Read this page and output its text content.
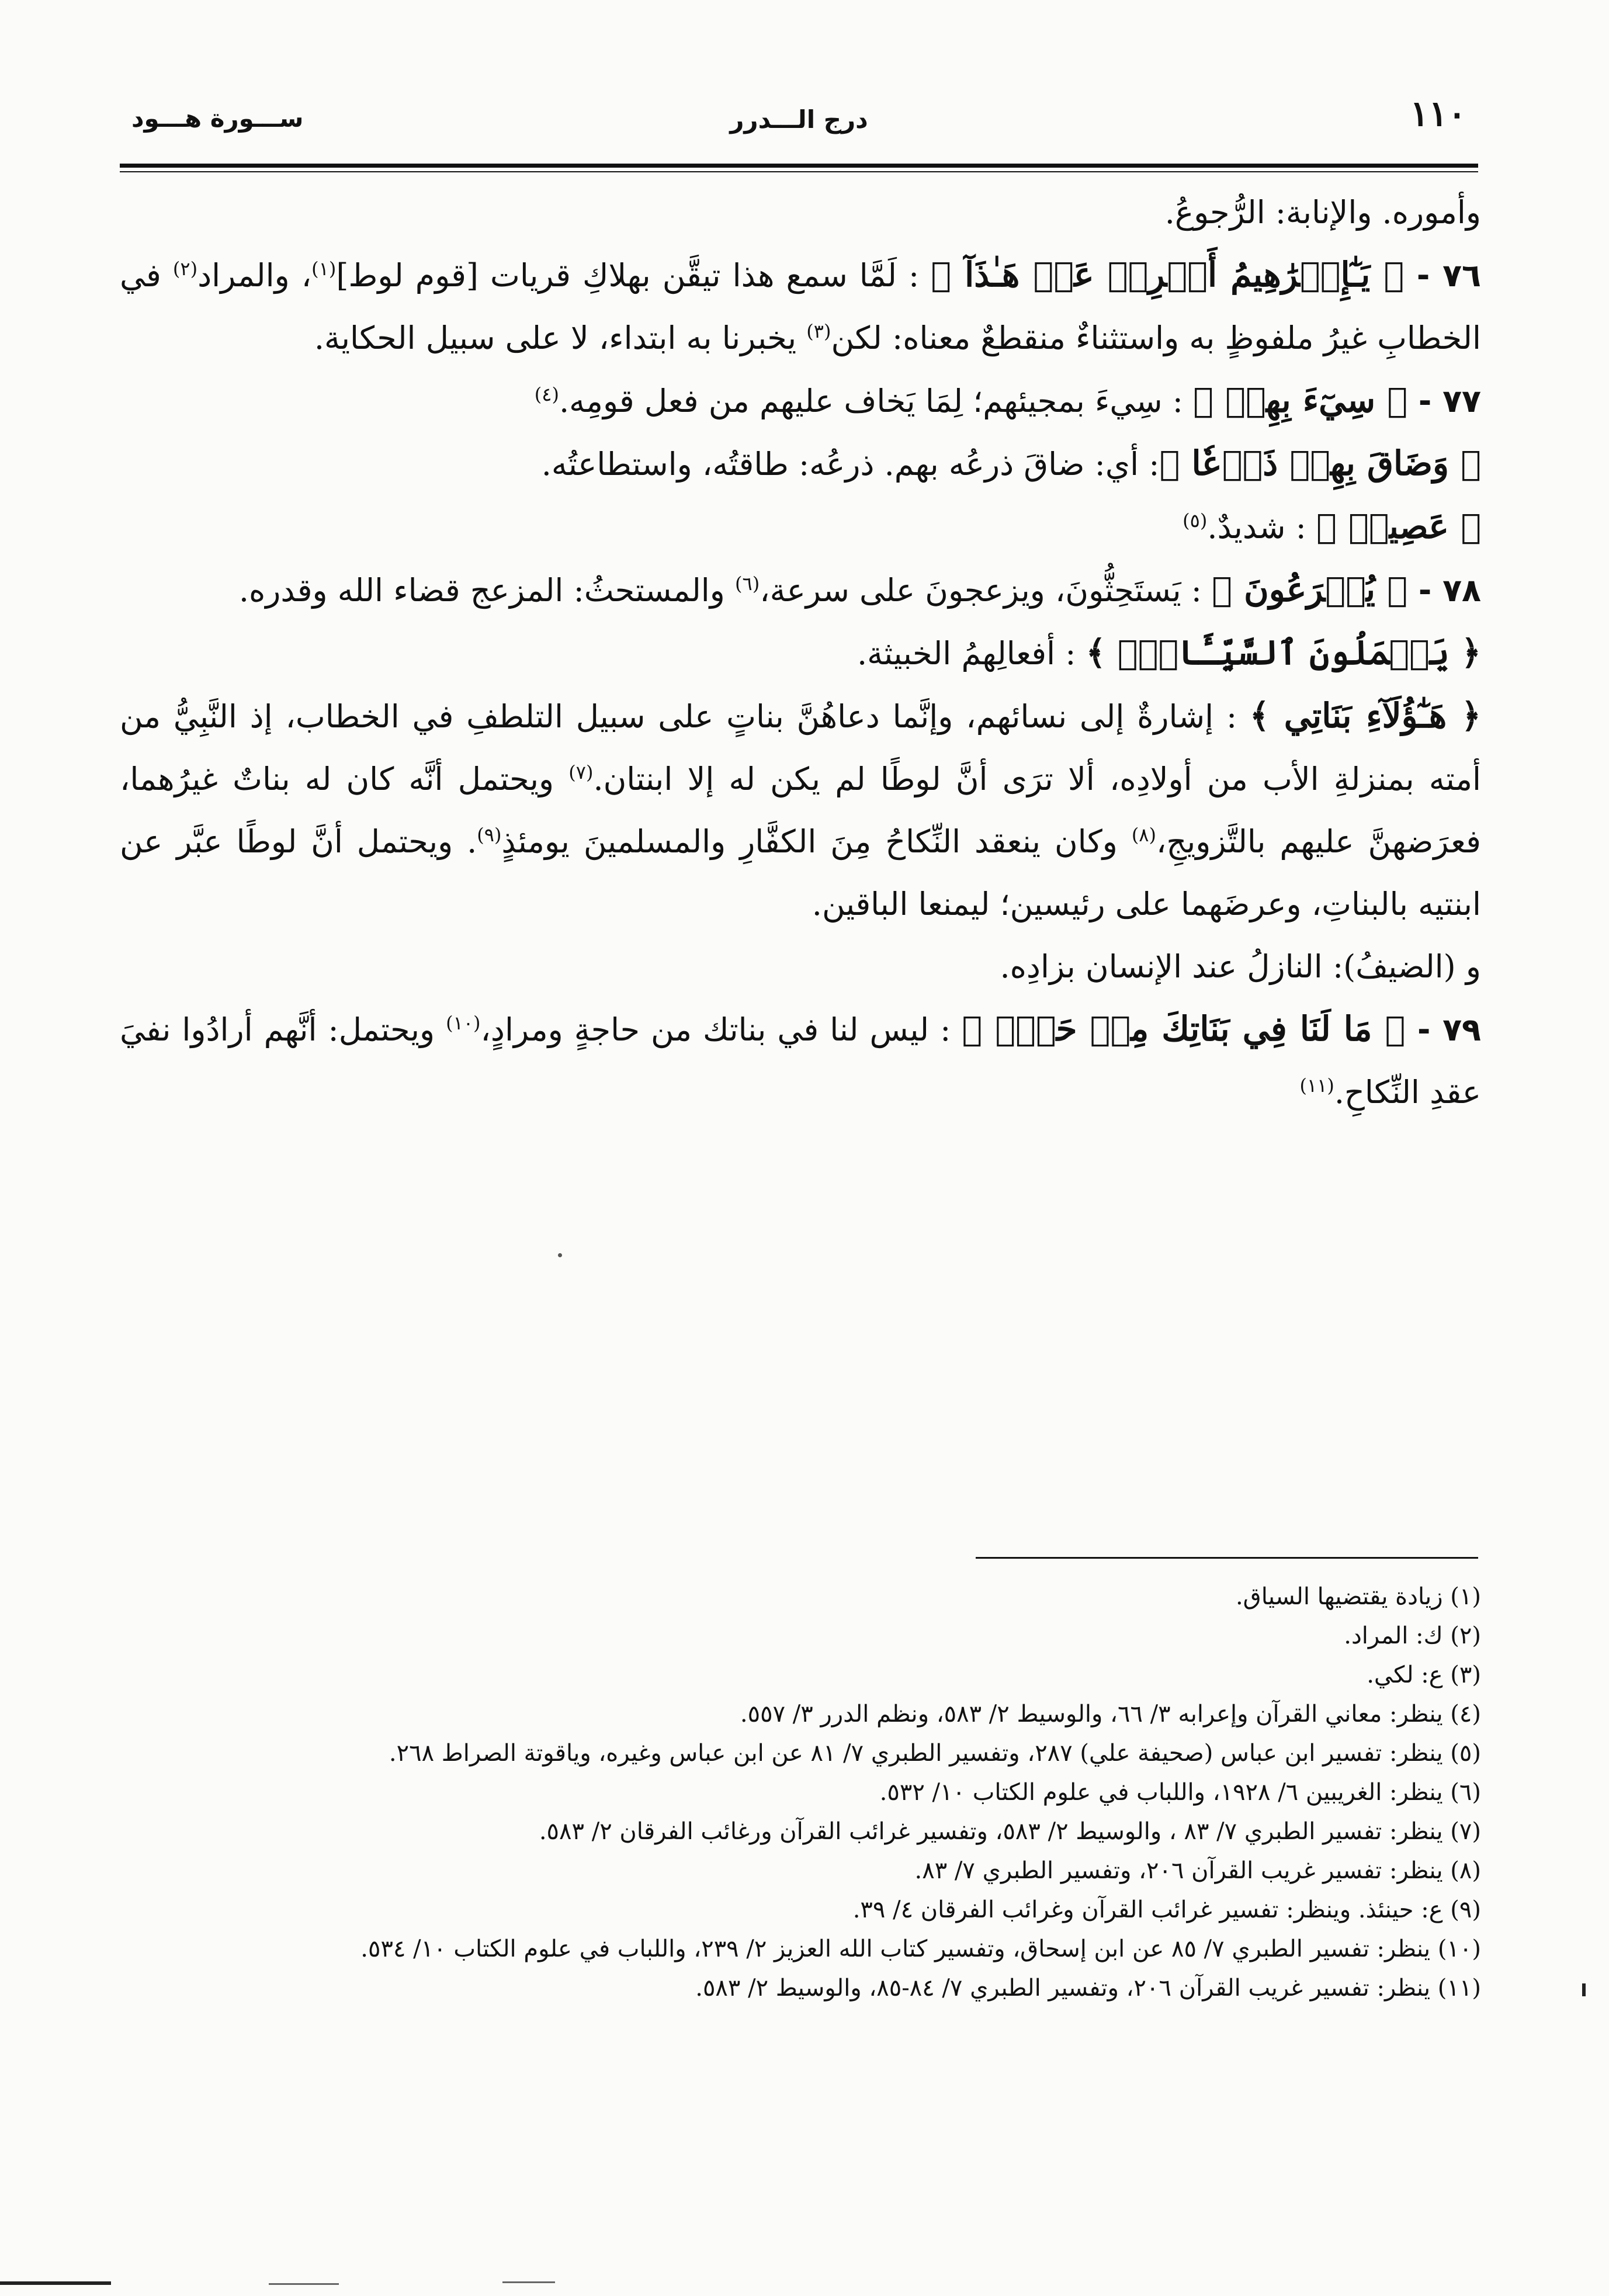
١١٠
درج الـــدرر
ســـورة هـــود

وأموره. والإنابة: الرُّجوعُ.

٧٦ - ﴿ يَـٰٓإِبۡرَٰهِيمُ أَعۡرِضۡ عَنۡ هَـٰذَآ ﴾ : لَمَّا سمع هذا تيقَّن بهلاكِ قريات [قوم لوط]$^{(١)}$، والمراد$^{(٢)}$ في الخطابِ غيرُ ملفوظٍ به واستثناءٌ منقطعٌ معناه: لكن$^{(٣)}$ يخبرنا به ابتداء، لا على سبيل الحكاية.

٧٧ - ﴿ سِيٓءَ بِهِمۡ ﴾ : سِيءَ بمجيئهم؛ لِمَا يَخاف عليهم من فعل قومِه.$^{(٤)}$

﴿ وَضَاقَ بِهِمۡ ذَرۡعٗا ﴾: أي: ضاقَ ذرعُه بهم. ذرعُه: طاقتُه، واستطاعتُه.

﴿ عَصِيبٞ ﴾ : شديدٌ.$^{(٥)}$

٧٨ - ﴿ يُهۡرَعُونَ ﴾ : يَستَحِثُّونَ، ويزعجونَ على سرعة،$^{(٦)}$ والمستحثُ: المزعج قضاء الله وقدره.

﴿ يَعۡمَلُونَ ٱلسَّيِّـَٔاتِۚ ﴾ : أفعالِهمُ الخبيثة.

﴿ هَـٰٓؤُلَآءِ بَنَاتِي ﴾ : إشارةٌ إلى نسائهم، وإنَّما دعاهُنَّ بناتٍ على سبيل التلطفِ في الخطاب، إذ النَّبِيُّ من أمته بمنزلةِ الأب من أولادِه، ألا ترَى أنَّ لوطًا لم يكن له إلا ابنتان.$^{(٧)}$ ويحتمل أنَّه كان له بناتٌ غيرُهما، فعرَضهنَّ عليهم بالتَّزويجِ،$^{(٨)}$ وكان ينعقد النِّكاحُ مِنَ الكفَّارِ والمسلمينَ يومئذٍ$^{(٩)}$. ويحتمل أنَّ لوطًا عبَّر عن ابنتيه بالبناتِ، وعرضَهما على رئيسين؛ ليمنعا الباقين.

و (الضيفُ): النازلُ عند الإنسان بزادِه.

٧٩ - ﴿ مَا لَنَا فِي بَنَاتِكَ مِنۡ حَقّٖ ﴾ : ليس لنا في بناتك من حاجةٍ ومرادٍ،$^{(١٠)}$ ويحتمل: أنَّهم أرادُوا نفيَ عقدِ النِّكاحِ.$^{(١١)}$

(١) زيادة يقتضيها السياق.

(٢) ك: المراد.

(٣) ع: لكي.

(٤) ينظر: معاني القرآن وإعرابه ٣/ ٦٦، والوسيط ٢/ ٥٨٣، ونظم الدرر ٣/ ٥٥٧.

(٥) ينظر: تفسير ابن عباس (صحيفة علي) ٢٨٧، وتفسير الطبري ٧/ ٨١ عن ابن عباس وغيره، وياقوتة الصراط ٢٦٨.

(٦) ينظر: الغريبين ٦/ ١٩٢٨، واللباب في علوم الكتاب ١٠/ ٥٣٢.

(٧) ينظر: تفسير الطبري ٧/ ٨٣ ، والوسيط ٢/ ٥٨٣، وتفسير غرائب القرآن ورغائب الفرقان ٢/ ٥٨٣.

(٨) ينظر: تفسير غريب القرآن ٢٠٦، وتفسير الطبري ٧/ ٨٣.

(٩) ع: حينئذ. وينظر: تفسير غرائب القرآن وغرائب الفرقان ٤/ ٣٩.

(١٠) ينظر: تفسير الطبري ٧/ ٨٥ عن ابن إسحاق، وتفسير كتاب الله العزيز ٢/ ٢٣٩، واللباب في علوم الكتاب ١٠/ ٥٣٤.

(١١) ينظر: تفسير غريب القرآن ٢٠٦، وتفسير الطبري ٧/ ٨٤-٨٥، والوسيط ٢/ ٥٨٣.
